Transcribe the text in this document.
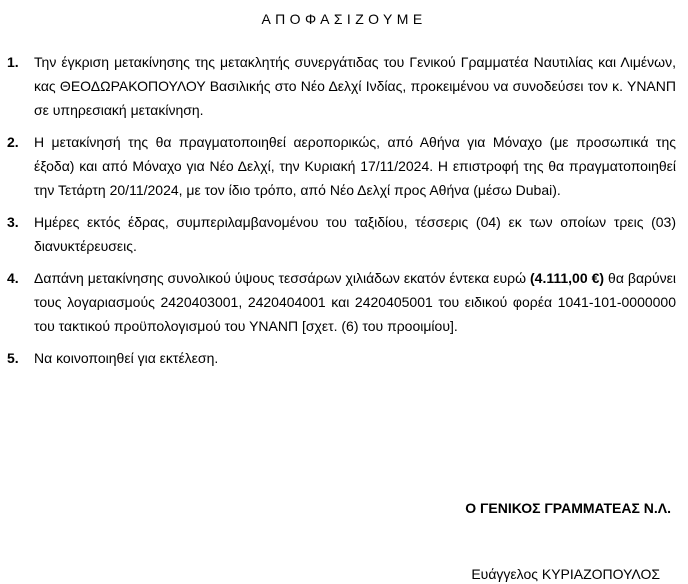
ΑΠΟΦΑΣΙΖΟΥΜΕ
1. Την έγκριση μετακίνησης της μετακλητής συνεργάτιδας του Γενικού Γραμματέα Ναυτιλίας και Λιμένων, κας ΘΕΟΔΩΡΑΚΟΠΟΥΛΟΥ Βασιλικής στο Νέο Δελχί Ινδίας, προκειμένου να συνοδεύσει τον κ. ΥΝΑΝΠ σε υπηρεσιακή μετακίνηση.
2. Η μετακίνησή της θα πραγματοποιηθεί αεροπορικώς, από Αθήνα για Μόναχο (με προσωπικά της έξοδα) και από Μόναχο για Νέο Δελχί, την Κυριακή 17/11/2024. Η επιστροφή της θα πραγματοποιηθεί την Τετάρτη 20/11/2024, με τον ίδιο τρόπο, από Νέο Δελχί προς Αθήνα (μέσω Dubai).
3. Ημέρες εκτός έδρας, συμπεριλαμβανομένου του ταξιδίου, τέσσερις (04) εκ των οποίων τρεις (03) διανυκτέρευσεις.
4. Δαπάνη μετακίνησης συνολικού ύψους τεσσάρων χιλιάδων εκατόν έντεκα ευρώ (4.111,00 €) θα βαρύνει τους λογαριασμούς 2420403001, 2420404001 και 2420405001 του ειδικού φορέα 1041-101-0000000 του τακτικού προϋπολογισμού του ΥΝΑΝΠ [σχετ. (6) του προοιμίου].
5. Να κοινοποιηθεί για εκτέλεση.
Ο ΓΕΝΙΚΟΣ ΓΡΑΜΜΑΤΕΑΣ Ν.Λ.
Ευάγγελος ΚΥΡΙΑΖΟΠΟΥΛΟΣ
